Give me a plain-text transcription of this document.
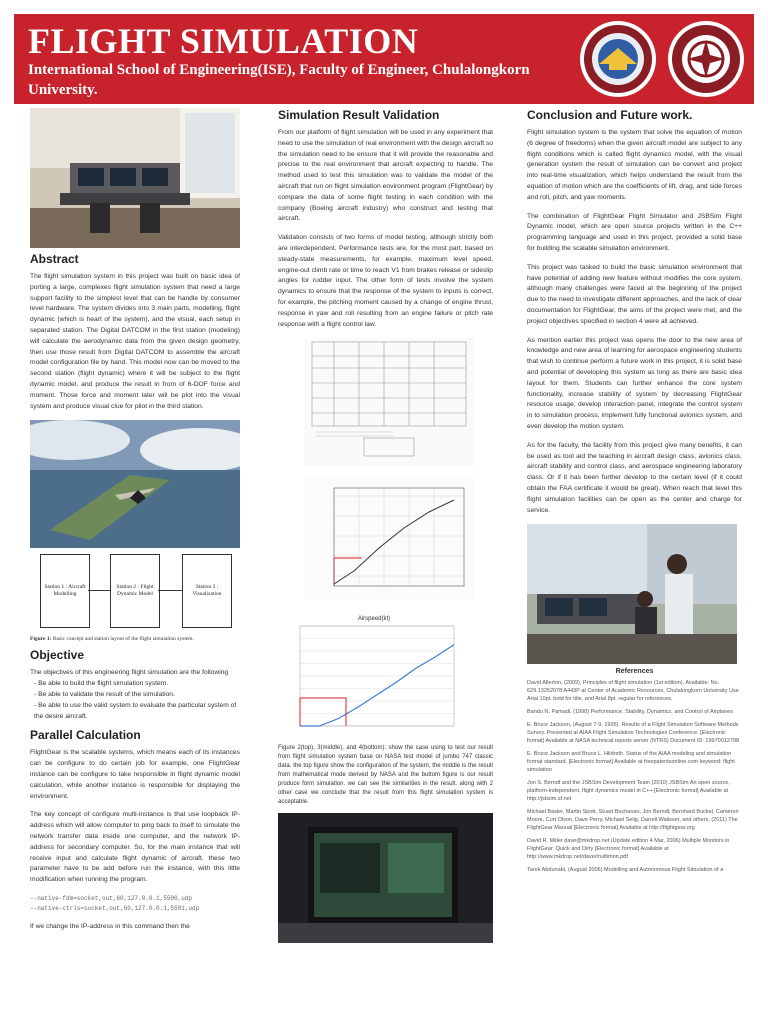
FLIGHT SIMULATION

International School of Engineering(ISE), Faculty of Engineer, Chulalongkorn University.

Abstract

The flight simulation system in this project was built on basic idea of porting a large, complexes flight simulation system that need a large support facility to the simplest level that can be handle by consumer level hardware. The system divides into 3 main parts, modelling, flight dynamic (which is heart of the system), and the visual, each setup in separated station. The Digital DATCOM in the first station (modeling) will calculate the aerodynamic data from the given design geometry, then use those result from Digital DATCOM to assemble the aircraft model configuration file by hand. This model now can be moved to the second station (flight dynamic) where it will be subject to the flight dynamic model, and produce the result in from of 6-DOF force and moment. Those force and moment later will be plot into the visual system and produce visual clue for pilot in the third station.

Station 1 : Aircraft Modelling
Station 2 : Flight Dynamic Model
Station 3 : Visualization

Figure 1: Basic concept and station layout of the flight simulation system.

Objective

The objectives of this engineering flight simulation are the following

- Be able to build the flight simulation system.
- Be able to validate the result of the simulation.
- Be able to use the valid system to evaluate the particular system of the desire aircraft.
Parallel Calculation

FlightGear is the scalable systems, which means each of its instances can be configure to do certain job for example, one FlightGear instance can be configure to take responsible in flight dynamic model calculation, while another instance is responsible for displaying the environment.

The key concept of configure multi-instance is that use loopback IP-address which will allow computer to ping back to itself to simulate the network transfer data inside one computer, and the network IP-address for secondary computer. So, for the main instance that will receive input and calculate flight dynamic of aircraft, these two parameter have to be add before run the instance, with this little modification when running the program.

--native-fdm=socket,out,60,127.0.0.1,5500,udp

--native-ctrls=socket,out,60,127.0.0.1,5501,udp

If we change the IP-address in this command then the

Simulation Result Validation

From our platform of flight simulation will be used in any experiment that need to use the simulation of real environment with the design aircraft so the simulation need to be ensure that it will provide the reasonable and precise to the real environment that aircraft expecting to handle. The method used to test this simulation was to validate the model of the aircraft that run on flight simulation environment program (FlightGear) by compare the data of some flight testing in each condition with the company (Boeing aircraft industry) who construct and testing that aircraft.

Validation consists of two forms of model testing, although strictly both are interdependent. Performance tests are, for the most part, based on steady-state measurements, for example, maximum level speed, engine-out climb rate or time to reach V1 from brakes release or sideslip angles for rudder input. The other form of tests involve the system dynamics to ensure that the response of the system to inputs is correct, for example, the pitching moment caused by a change of engine thrust, response in yaw and roll resulting from an engine failure or pitch rate response with a flight control law.

Airspeed(kt)

Figure 2(top), 3(middle), and 4(bottom): show the case using to test our result from flight simulation system base on NASA test model of jumbo 747 classic data. the top figure show the configuration of the system, the middle is the result from mathematical mode derived by NASA and the buttom figure is our result produce form simulation. we can see the similarities in the result. along with 2 other case we conclude that the result from this flight simulation system is acceptable.

Conclusion and Future work.

Flight simulation system is the system that solve the equation of motion (6 degree of freedoms) when the given aircraft model are subject to any flight conditions which is called flight dynamics model, with the visual generation system the result of simulation can be convert and project into real-time visualization, which helps understand the result from the equation of motion which are the coefficients of lift, drag, and side forces and roll, pitch, and yaw moments.

The combination of FlightGear Flight Simulator and JSBSim Flight Dynamic model, which are open source projects written in the C++ programming language and used in this project, provided a solid base for building the scalable simulation environment.

This project was tasked to build the basic simulation environment that have potential of adding new feature without modifies the core system, although many challenges were faced at the beginning of the project due to the need to investigate different approaches, and the lack of clear documentation for FlightGear, the aims of the project were met, and the project objectives specified in section 4 were all achieved.

As mention earlier this project was opens the door to the new area of knowledge and new area of learning for aerospace engineering students that wish to continue perform a future work in this project, it is solid base and potential of developing this system as long as there are basic idea layout for them. Students can further enhance the core system functionality, increase stability of system by decreasing FlightGear resource usage, develop interaction panel, integrate the control system in to simulation process, implement fully functional avionics system, and even develop the motion system.

As for the faculty, the facility from this project give many benefits, it can be used as tool aid the teaching in aircraft design class, avionics class, aircraft stability and control class, and aerospace engineering laboratory class. Or if it has been further develop to the certain level (if it could obtain the FAA certificate it would be great). When reach that level this flight simulation facilities can be open as the center and charge for service.

References

David Allerton, (2009), Principles of flight simulation (1st edition). Available: No. 629.13252078 A443P at Center of Academic Resources, Chulalongkorn University Use Arial 10pt. bold for title, and Arial 8pt. regular for references.

Bandu N. Pamadi, (1998) Performance, Stability, Dynamics, and Control of Airplanes

E. Bruce Jackson, (August 7-9, 1995). Results of a Flight Simulation Software Methods Survey. Presented at AIAA Flight Simulation Technologies Conference. [Electronic format] Available at NASA technical reports server (NTRS) Document ID: 19970012788

E. Bruce Jackson and Bruce L. Hildreth. Status of the AIAA modeling and simulation format standard. [Electronic format] Available at freepatentsonline.com keyword: flight simulation

Jon S. Berndt and the JSBSim Development Team (2010) JSBSim An open source, platform-independent, flight dynamics model in C++ [Electronic format] Available at http://jsbsim.sf.net

Michael Basler, Martin Spott, Stuart Buchanan, Jon Berndt, Bernhard Buckel, Cameron Moore, Curt Olson, Dave Perry, Michael Selig, Darrell Walisser, and others, (2011) The FlightGear Manual [Electronic format] Available at http://flightgear.org

David R. Miller dave@mkdrop.net (Update edition 4 Mar, 2006) Multiple Monitors in FlightGear: Quick and Dirty [Electronic format] Available at http://www.mkdrop.net/dave/multimon.pdf

Tarek Abdunabi, (August 2006) Modelling and Autonomous Flight Simulation of a
